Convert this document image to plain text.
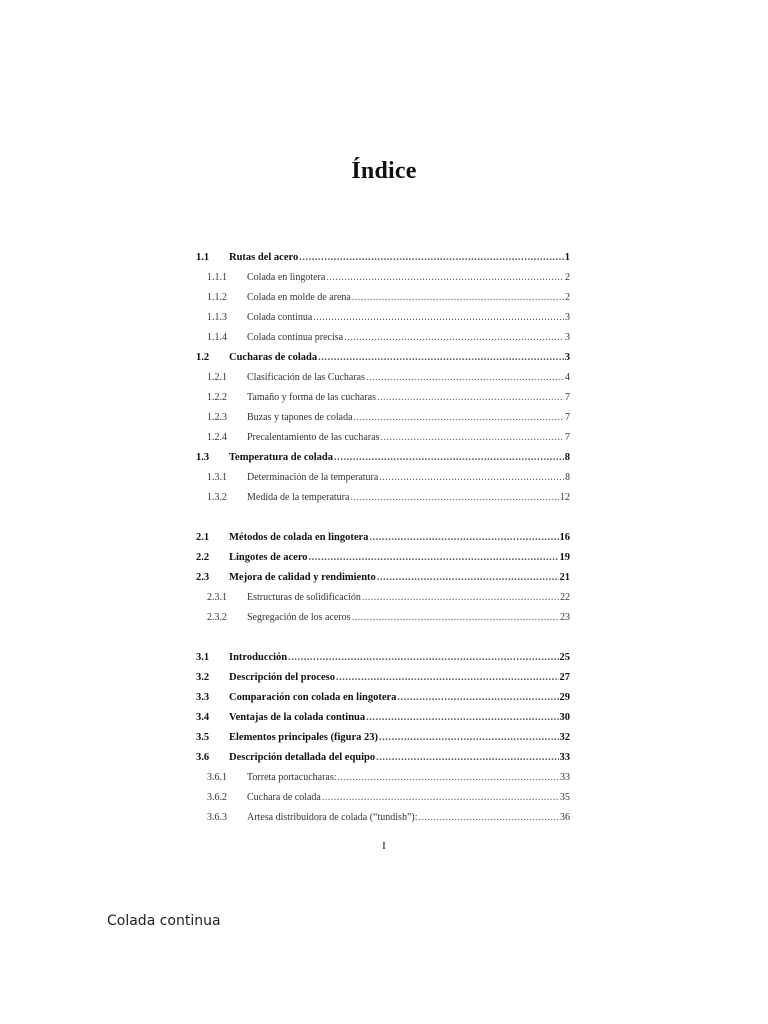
Índice
1.1	Rutas del acero .....	1
1.1.1	Colada en lingotera .....	2
1.1.2	Colada en molde de arena .....	2
1.1.3	Colada continua .....	3
1.1.4	Colada continua precisa .....	3
1.2	Cucharas de colada .....	3
1.2.1	Clasificación de las Cucharas .....	4
1.2.2	Tamaño y forma de las cucharas .....	7
1.2.3	Buzas y tapones de colada .....	7
1.2.4	Precalentamiento de las cucharas .....	7
1.3	Temperatura de colada .....	8
1.3.1	Determinación de la temperatura .....	8
1.3.2	Medida de la temperatura .....	12
2.1	Métodos de colada en lingotera .....	16
2.2	Lingotes de acero .....	19
2.3	Mejora de calidad y rendimiento .....	21
2.3.1	Estructuras de solidificación .....	22
2.3.2	Segregación de los aceros .....	23
3.1	Introducción .....	25
3.2	Descripción del proceso .....	27
3.3	Comparación con colada en lingotera .....	29
3.4	Ventajas de la colada continua .....	30
3.5	Elementos principales (figura 23) .....	32
3.6	Descripción detallada del equipo .....	33
3.6.1	Torreta portacucharas: .....	33
3.6.2	Cuchara de colada .....	35
3.6.3	Artesa distribuidora de colada (“tundish”): .....	36
I
Colada continua
